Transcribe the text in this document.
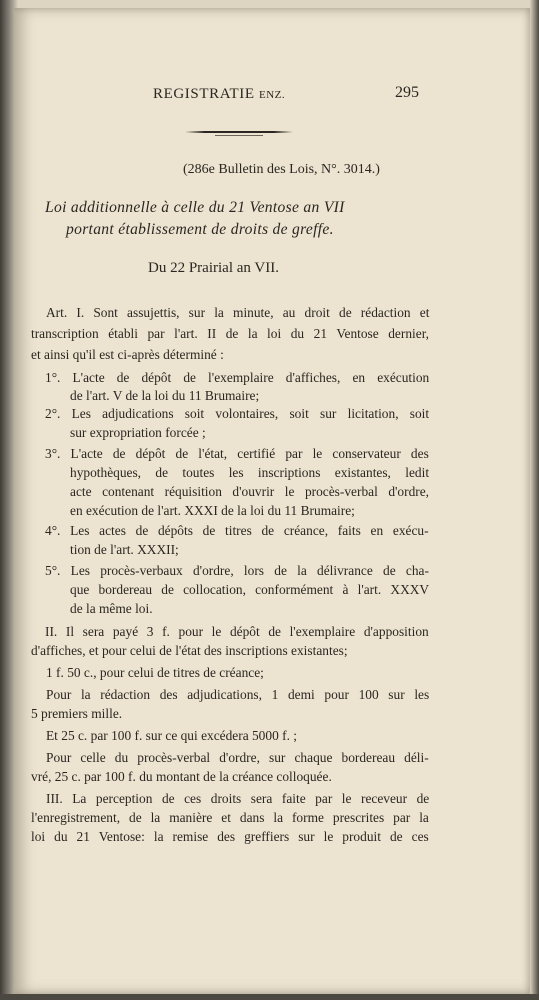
REGISTRATIE ENZ.	295
(286e Bulletin des Lois, N°. 3014.)
Loi additionnelle à celle du 21 Ventose an VII
portant établissement de droits de greffe.
Du 22 Prairial an VII.
Art. I. Sont assujettis, sur la minute, au droit de rédaction et
transcription établi par l'art. II de la loi du 21 Ventose dernier,
et ainsi qu'il est ci-après déterminé :
1°. L'acte de dépôt de l'exemplaire d'affiches, en exécution
de l'art. V de la loi du 11 Brumaire;
2°. Les adjudications soit volontaires, soit sur licitation, soit
sur expropriation forcée ;
3°. L'acte de dépôt de l'état, certifié par le conservateur des
hypothèques, de toutes les inscriptions existantes, ledit
acte contenant réquisition d'ouvrir le procès-verbal d'ordre,
en exécution de l'art. XXXI de la loi du 11 Brumaire;
4°. Les actes de dépôts de titres de créance, faits en exécu-
tion de l'art. XXXII;
5°. Les procès-verbaux d'ordre, lors de la délivrance de cha-
que bordereau de collocation, conformément à l'art. XXXV
de la même loi.
II. Il sera payé 3 f. pour le dépôt de l'exemplaire d'apposition
d'affiches, et pour celui de l'état des inscriptions existantes;
1 f. 50 c., pour celui de titres de créance;
Pour la rédaction des adjudications, 1 demi pour 100 sur les
5 premiers mille.
Et 25 c. par 100 f. sur ce qui excédera 5000 f. ;
Pour celle du procès-verbal d'ordre, sur chaque bordereau déli-
vré, 25 c. par 100 f. du montant de la créance colloquée.
III. La perception de ces droits sera faite par le receveur de
l'enregistrement, de la manière et dans la forme prescrites par la
loi du 21 Ventose: la remise des greffiers sur le produit de ces
